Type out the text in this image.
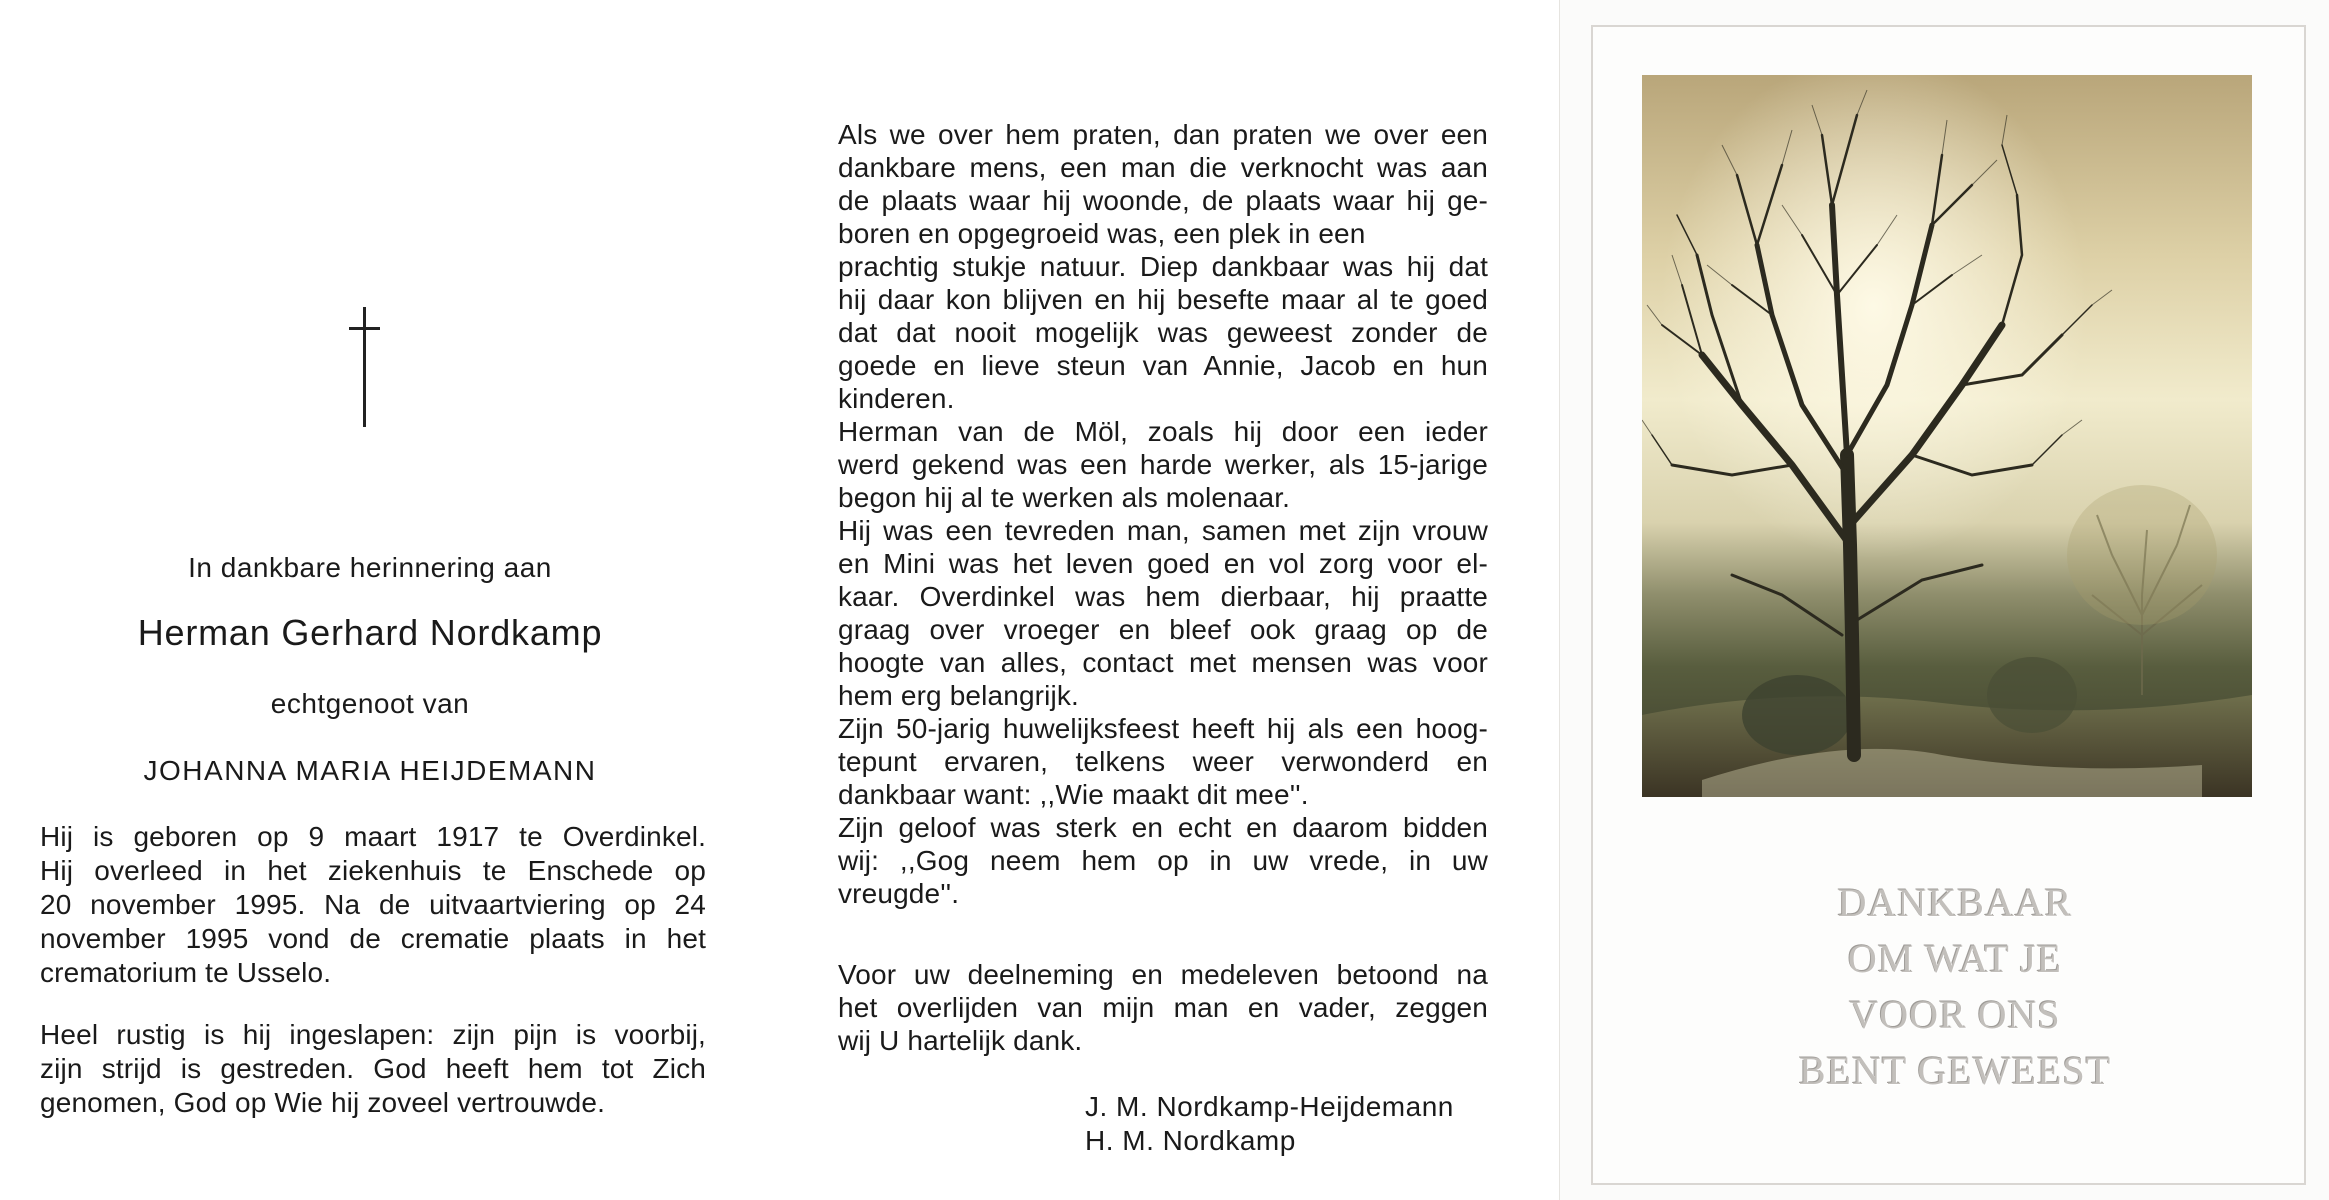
In dankbare herinnering aan
Herman Gerhard Nordkamp
echtgenoot van
JOHANNA MARIA HEIJDEMANN
Hij is geboren op 9 maart 1917 te Overdinkel.
Hij overleed in het ziekenhuis te Enschede op
20 november 1995. Na de uitvaartviering op 24
november 1995 vond de crematie plaats in het
crematorium te Usselo.
Heel rustig is hij ingeslapen: zijn pijn is voorbij,
zijn strijd is gestreden. God heeft hem tot Zich
genomen, God op Wie hij zoveel vertrouwde.
Als we over hem praten, dan praten we over een
dankbare mens, een man die verknocht was aan
de plaats waar hij woonde, de plaats waar hij ge-
boren en opgegroeid was, een plek in een
prachtig stukje natuur. Diep dankbaar was hij dat
hij daar kon blijven en hij besefte maar al te goed
dat dat nooit mogelijk was geweest zonder de
goede en lieve steun van Annie, Jacob en hun
kinderen.
Herman van de Möl, zoals hij door een ieder
werd gekend was een harde werker, als 15-jarige
begon hij al te werken als molenaar.
Hij was een tevreden man, samen met zijn vrouw
en Mini was het leven goed en vol zorg voor el-
kaar. Overdinkel was hem dierbaar, hij praatte
graag over vroeger en bleef ook graag op de
hoogte van alles, contact met mensen was voor
hem erg belangrijk.
Zijn 50-jarig huwelijksfeest heeft hij als een hoog-
tepunt ervaren, telkens weer verwonderd en
dankbaar want: ,,Wie maakt dit mee''.
Zijn geloof was sterk en echt en daarom bidden
wij: ,,Gog neem hem op in uw vrede, in uw
vreugde''.
Voor uw deelneming en medeleven betoond na
het overlijden van mijn man en vader, zeggen
wij U hartelijk dank.
J. M. Nordkamp-Heijdemann
H. M. Nordkamp
DANKBAAR
OM WAT JE
VOOR ONS
BENT GEWEEST
